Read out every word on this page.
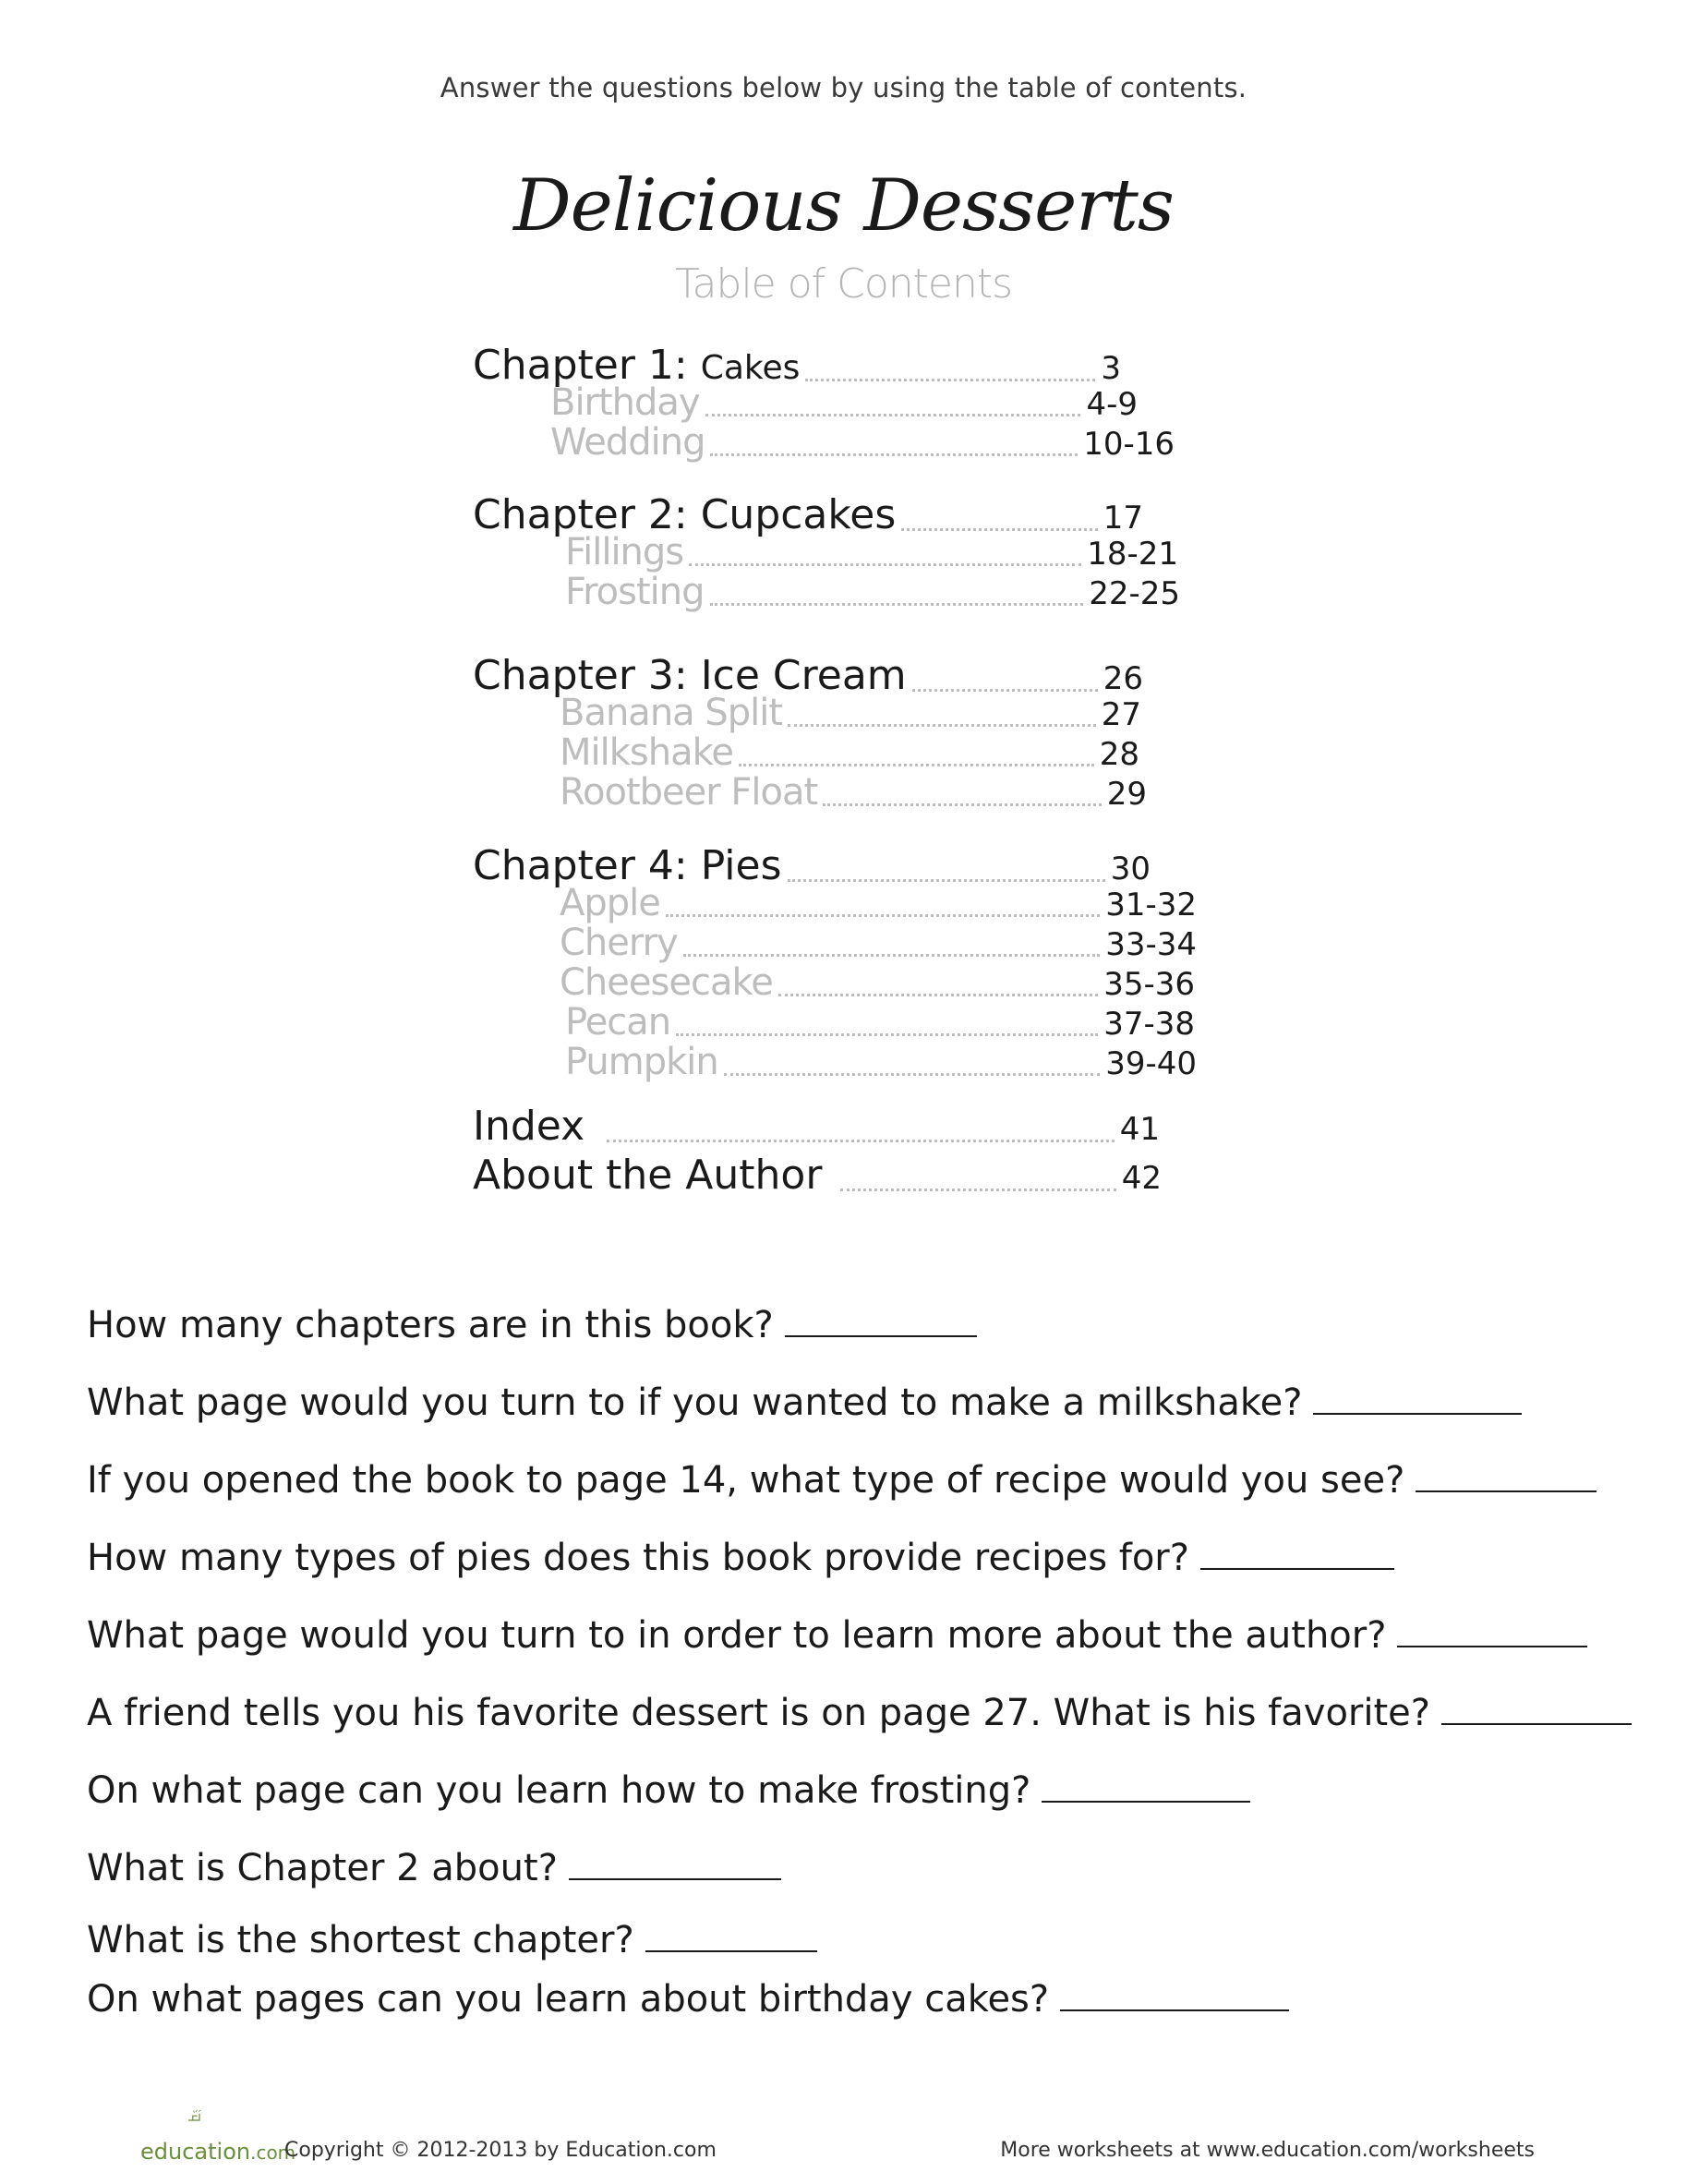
Answer the questions below by using the table of contents.
Delicious Desserts
Table of Contents
Chapter 1: Cakes	3
Birthday	4-9
Wedding	10-16
Chapter 2: Cupcakes	17
Fillings	18-21
Frosting	22-25
Chapter 3: Ice Cream	26
Banana Split	27
Milkshake	28
Rootbeer Float	29
Chapter 4: Pies	30
Apple	31-32
Cherry	33-34
Cheesecake	35-36
Pecan	37-38
Pumpkin	39-40
Index	41
About the Author	42
How many chapters are in this book?
What page would you turn to if you wanted to make a milkshake?
If you opened the book to page 14, what type of recipe would you see?
How many types of pies does this book provide recipes for?
What page would you turn to in order to learn more about the author?
A friend tells you his favorite dessert is on page 27. What is his favorite?
On what page can you learn how to make frosting?
What is Chapter 2 about?
What is the shortest chapter?
On what pages can you learn about birthday cakes?
education.com
Copyright © 2012-2013 by Education.com	More worksheets at www.education.com/worksheets
